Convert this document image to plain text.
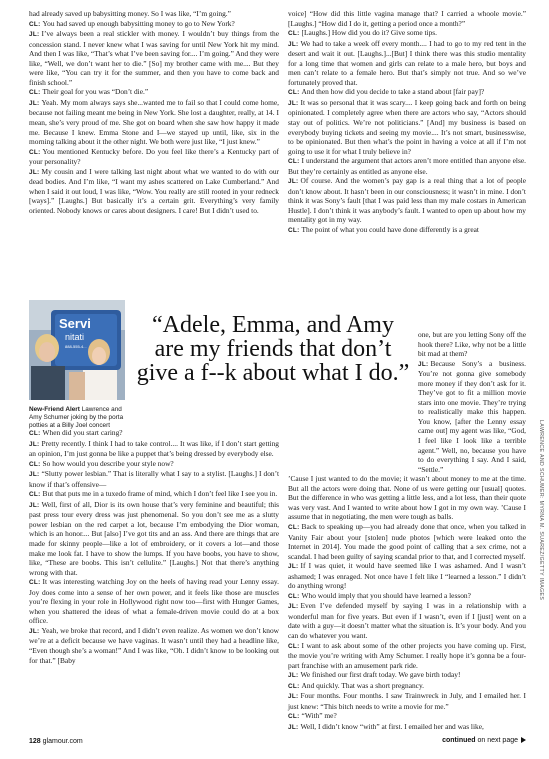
had already saved up babysitting money. So I was like, “I’m going.”

CL: You had saved up enough babysitting money to go to New York?

JL: I’ve always been a real stickler with money. I wouldn’t buy things from the concession stand. I never knew what I was saving for until New York hit my mind. And then I was like, “That’s what I’ve been saving for.... I’m going.” And they were like, “Well, we don’t want her to die.” [So] my brother came with me.... But they were like, “You can try it for the summer, and then you have to come back and finish school.”

CL: Their goal for you was “Don’t die.”

JL: Yeah. My mom always says she...wanted me to fail so that I could come home, because not failing meant me being in New York. She lost a daughter, really, at 14. I mean, she’s very proud of me. She got on board when she saw how happy it made me. Because I knew. Emma Stone and I—we stayed up until, like, six in the morning talking about it the other night. We both were just like, “I just knew.”

CL: You mentioned Kentucky before. Do you feel like there’s a Kentucky part of your personality?

JL: My cousin and I were talking last night about what we wanted to do with our dead bodies. And I’m like, “I want my ashes scattered on Lake Cumberland.” And when I said it out loud, I was like, “Wow. You really are still rooted in your redneck [ways].” [Laughs.] But basically it’s a certain grit. Everything’s very family oriented. Nobody knows or cares about designers. I care! But I didn’t used to.

voice] “How did this little vagina manage that? I carried a whoole movie.” [Laughs.] “How did I do it, getting a period once a month?”

CL: [Laughs.] How did you do it? Give some tips.

JL: We had to take a week off every month.... I had to go to my red tent in the desert and wait it out. [Laughs.]...[But] I think there was this studio mentality for a long time that women and girls can relate to a male hero, but boys and men can’t relate to a female hero. But that’s simply not true. And so we’ve fortunately proved that.

CL: And then how did you decide to take a stand about [fair pay]?

JL: It was so personal that it was scary.... I keep going back and forth on being opinionated. I completely agree when there are actors who say, “Actors should stay out of politics. We’re not politicians.” [And] my business is based on everybody buying tickets and seeing my movie.... It’s not smart, businesswise, to be opinionated. But then what’s the point in having a voice at all if I’m not going to use it for what I truly believe in?

CL: I understand the argument that actors aren’t more entitled than anyone else. But they’re certainly as entitled as anyone else.

JL: Of course. And the women’s pay gap is a real thing that a lot of people don’t know about. It hasn’t been in our consciousness; it wasn’t in mine. I don’t think it was Sony’s fault [that I was paid less than my male costars in American Hustle]. I don’t think it was anybody’s fault. I wanted to open up about how my mentality got in my way.

CL: The point of what you could have done differently is a great

Servi
nitati
888-555-4...
New-Friend Alert Lawrence and Amy Schumer joking by the porta potties at a Billy Joel concert
“Adele, Emma, and Amy are my friends that don’t give a f--k about what I do.”

one, but are you letting Sony off the hook there? Like, why not be a little bit mad at them?

JL: Because Sony’s a business. You’re not gonna give somebody more money if they don’t ask for it. They’ve got to fit a million movie stars into one movie. They’re trying to realistically make this happen. You know, [after the Lenny essay came out] my agent was like, “God, I feel like I look like a terrible agent.” Well, no, because you have to do everything I say. And I said, “Settle.”

’Cause I just wanted to do the movie; it wasn’t about money to me at the time. But all the actors were doing that. None of us were getting our [usual] quotes. But the difference in who was getting a little less, and a lot less, than their quote was very vast. And I wanted to write about how I got in my own way. ’Cause I assume that in negotiating, the men were tough as balls.

CL: When did you start caring?

JL: Pretty recently. I think I had to take control.... It was like, if I don’t start getting an opinion, I’m just gonna be like a puppet that’s being dressed by everybody else.

CL: So how would you describe your style now?

JL: “Slutty power lesbian.” That is literally what I say to a stylist. [Laughs.] I don’t know if that’s offensive—

CL: But that puts me in a tuxedo frame of mind, which I don’t feel like I see you in.

JL: Well, first of all, Dior is its own house that’s very feminine and beautiful; this past press tour every dress was just phenomenal. So you don’t see me as a slutty power lesbian on the red carpet a lot, because I’m embodying the Dior woman, which is an honor.... But [also] I’ve got tits and an ass. And there are things that are made for skinny people—like a lot of embroidery, or it covers a lot—and those make me look fat. I have to show the lumps. If you have boobs, you have to show, like, “These are boobs. This isn’t cellulite.” [Laughs.] Not that there’s anything wrong with that.

CL: It was interesting watching Joy on the heels of having read your Lenny essay. Joy does come into a sense of her own power, and it feels like those are muscles you’re flexing in your role in Hollywood right now too—first with Hunger Games, when you shattered the ideas of what a female-driven movie could do at a box office.

JL: Yeah, we broke that record, and I didn’t even realize. As women we don’t know we’re at a deficit because we have vaginas. It wasn’t until they had a headline like, “Even though she’s a woman!” And I was like, “Oh. I didn’t know to be looking out for that.” [Baby

CL: Back to speaking up—you had already done that once, when you talked in Vanity Fair about your [stolen] nude photos [which were leaked onto the Internet in 2014]. You made the good point of calling that a sex crime, not a scandal. I had been guilty of saying scandal prior to that, and I corrected myself.

JL: If I was quiet, it would have seemed like I was ashamed. And I wasn’t ashamed; I was enraged. Not once have I felt like I “learned a lesson.” I didn’t do anything wrong!

CL: Who would imply that you should have learned a lesson?

JL: Even I’ve defended myself by saying I was in a relationship with a wonderful man for five years. But even if I wasn’t, even if I [just] went on a date with a guy—it doesn’t matter what the situation is. It’s your body. And you can do whatever you want.

CL: I want to ask about some of the other projects you have coming up. First, the movie you’re writing with Amy Schumer. I really hope it’s gonna be a four-part franchise with an amusement park ride.

JL: We finished our first draft today. We gave birth today!

CL: And quickly. That was a short pregnancy.

JL: Four months. Four months. I saw Trainwreck in July, and I emailed her. I just knew: “This bitch needs to write a movie for me.”

CL: “With” me?

JL: Well, I didn’t know “with” at first. I emailed her and was like,

LAWRENCE AND SCHUMER: MYRNA M. SUAREZ/GETTY IMAGES
128 glamour.com	continued on next page
